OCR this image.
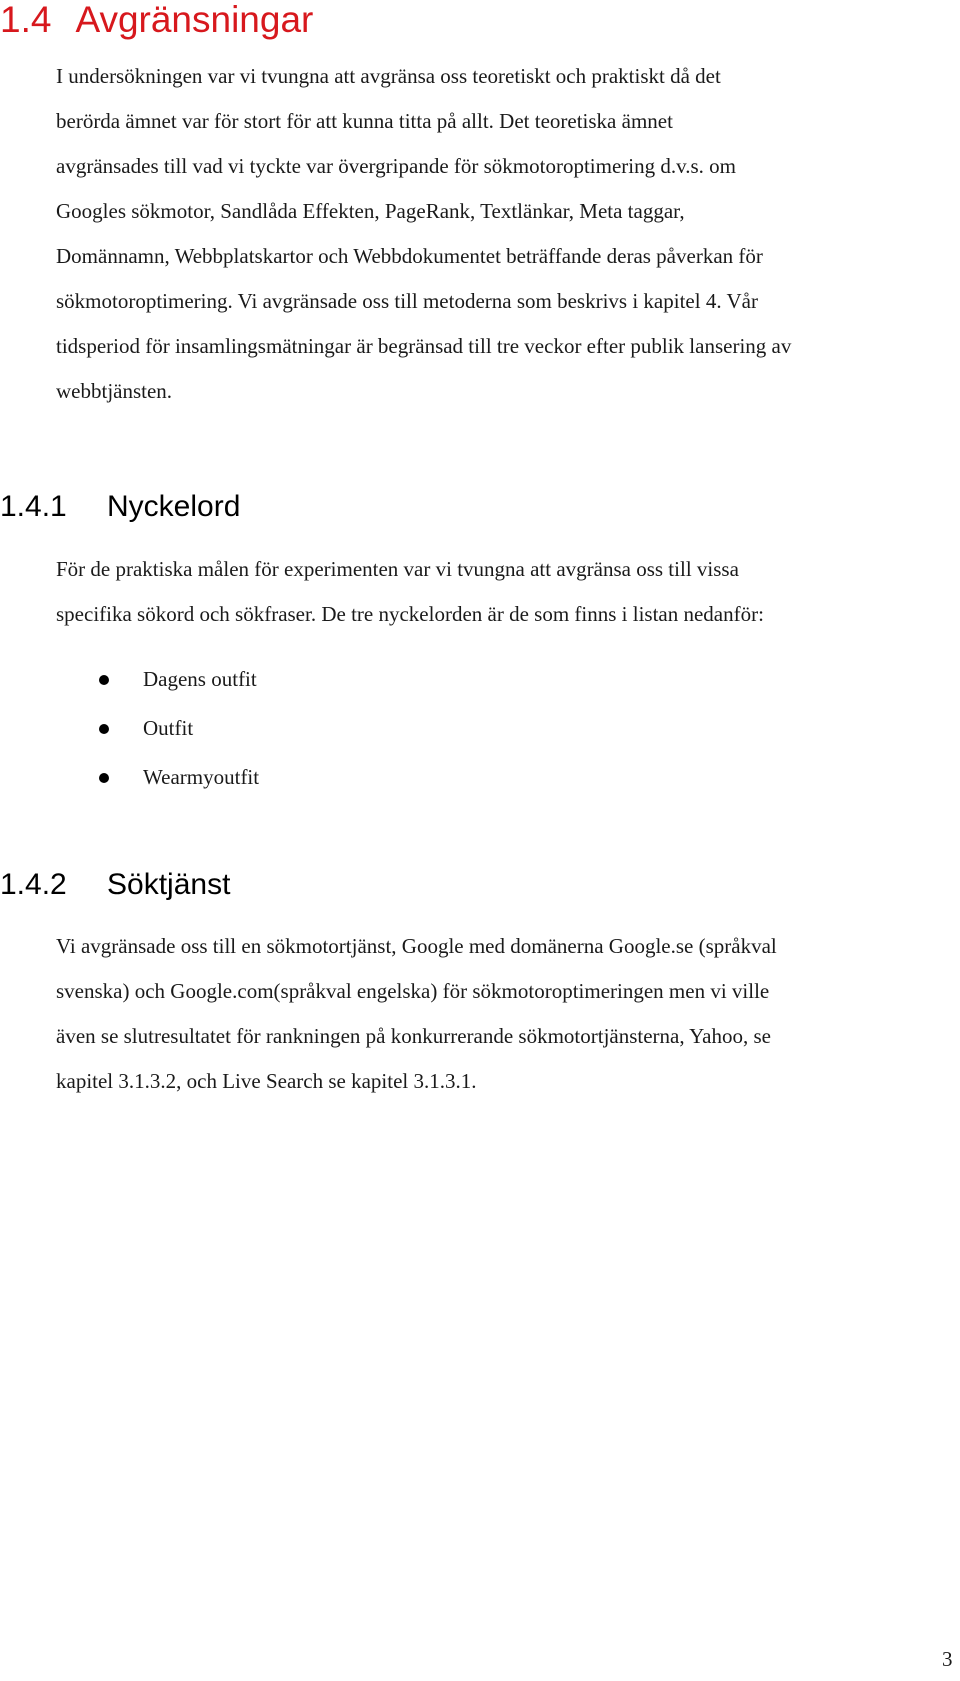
1.4 Avgränsningar
I undersökningen var vi tvungna att avgränsa oss teoretiskt och praktiskt då det
berörda ämnet var för stort för att kunna titta på allt. Det teoretiska ämnet
avgränsades till vad vi tyckte var övergripande för sökmotoroptimering d.v.s. om
Googles sökmotor, Sandlåda Effekten, PageRank, Textlänkar, Meta taggar,
Domännamn, Webbplatskartor och Webbdokumentet beträffande deras påverkan för
sökmotoroptimering. Vi avgränsade oss till metoderna som beskrivs i kapitel 4. Vår
tidsperiod för insamlingsmätningar är begränsad till tre veckor efter publik lansering av
webbtjänsten.
1.4.1 Nyckelord
För de praktiska målen för experimenten var vi tvungna att avgränsa oss till vissa
specifika sökord och sökfraser. De tre nyckelorden är de som finns i listan nedanför:
Dagens outfit
Outfit
Wearmyoutfit
1.4.2 Söktjänst
Vi avgränsade oss till en sökmotortjänst, Google med domänerna Google.se (språkval
svenska) och Google.com(språkval engelska) för sökmotoroptimeringen men vi ville
även se slutresultatet för rankningen på konkurrerande sökmotortjänsterna, Yahoo, se
kapitel 3.1.3.2, och Live Search se kapitel 3.1.3.1.
3
